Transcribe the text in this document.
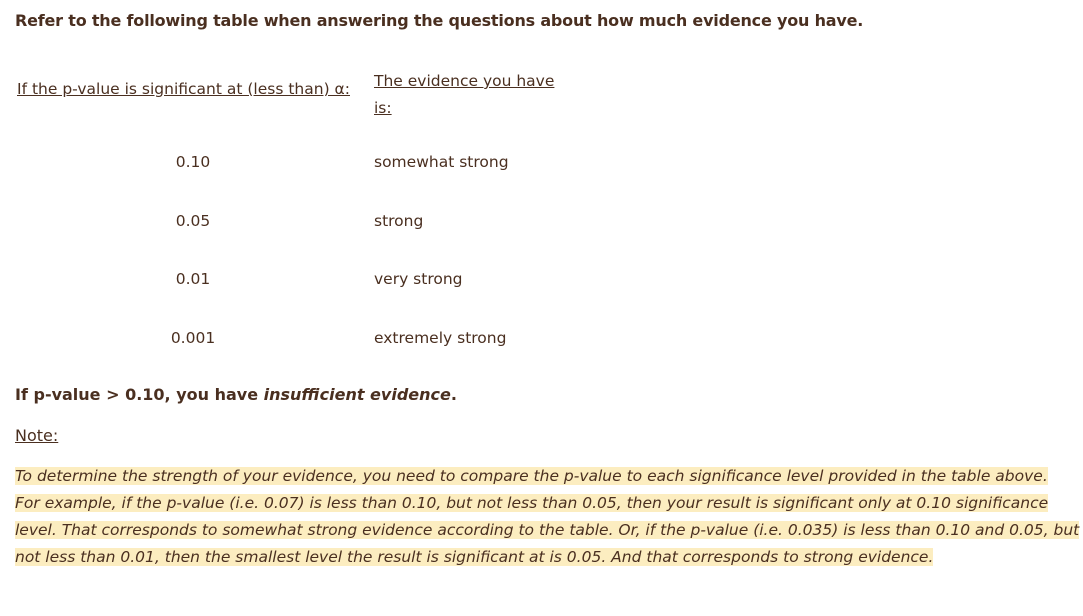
Refer to the following table when answering the questions about how much evidence you have.
If the p-value is significant at (less than) α:	The evidence you have is:
0.10	somewhat strong
0.05	strong
0.01	very strong
0.001	extremely strong
If p-value > 0.10, you have insufficient evidence.
Note:
To determine the strength of your evidence, you need to compare the p-value to each significance level provided in the table above.
For example, if the p-value (i.e. 0.07) is less than 0.10, but not less than 0.05, then your result is significant only at 0.10 significance level. That corresponds to somewhat strong evidence according to the table. Or, if the p-value (i.e. 0.035) is less than 0.10 and 0.05, but not less than 0.01, then the smallest level the result is significant at is 0.05. And that corresponds to strong evidence.
